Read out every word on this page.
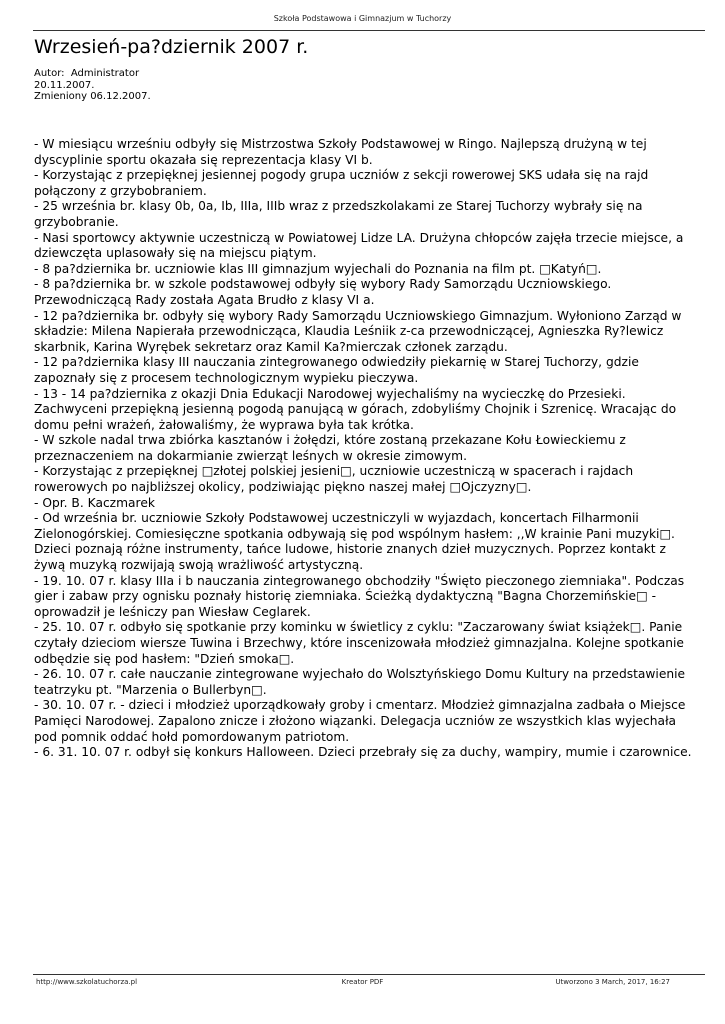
Szkoła Podstawowa i Gimnazjum w Tuchorzy
Wrzesień-pa?dziernik 2007 r.
Autor:  Administrator
20.11.2007.
Zmieniony 06.12.2007.

- W miesiącu wrześniu odbyły się Mistrzostwa Szkoły Podstawowej w Ringo. Najlepszą drużyną w tej dyscyplinie sportu okazała się reprezentacja klasy VI b.

- Korzystając z przepięknej jesiennej pogody grupa uczniów z sekcji rowerowej SKS udała się na rajd połączony z grzybobraniem.

- 25 września br. klasy 0b, 0a, Ib, IIIa, IIIb wraz z przedszkolakami ze Starej Tuchorzy wybrały się na grzybobranie.

- Nasi sportowcy aktywnie uczestniczą w Powiatowej Lidze LA. Drużyna chłopców zajęła trzecie miejsce, a dziewczęta uplasowały się na miejscu piątym.

- 8 pa?dziernika br. uczniowie klas III gimnazjum wyjechali do Poznania na film pt. □Katyń□.

- 8 pa?dziernika br. w szkole podstawowej odbyły się wybory Rady Samorządu Uczniowskiego. Przewodniczącą Rady została Agata Brudło z klasy VI a.

- 12 pa?dziernika br. odbyły się wybory Rady Samorządu Uczniowskiego Gimnazjum. Wyłoniono Zarząd w składzie: Milena Napierała przewodnicząca, Klaudia Leśniik z-ca przewodniczącej, Agnieszka Ry?lewicz skarbnik, Karina Wyrębek sekretarz oraz Kamil Ka?mierczak członek zarządu.

- 12 pa?dziernika klasy III nauczania zintegrowanego odwiedziły piekarnię w Starej Tuchorzy, gdzie zapoznały się z procesem technologicznym wypieku pieczywa.

- 13 - 14 pa?dziernika z okazji Dnia Edukacji Narodowej wyjechaliśmy na wycieczkę do Przesieki. Zachwyceni przepiękną jesienną pogodą panującą w górach, zdobyliśmy Chojnik i Szrenicę. Wracając do domu pełni wrażeń, żałowaliśmy, że wyprawa była tak krótka.

- W szkole nadal trwa zbiórka kasztanów i żołędzi, które zostaną przekazane Kołu Łowieckiemu z przeznaczeniem na dokarmianie zwierząt leśnych w okresie zimowym.

- Korzystając z przepięknej □złotej polskiej jesieni□, uczniowie uczestniczą w spacerach i rajdach rowerowych po najbliższej okolicy, podziwiając piękno naszej małej □Ojczyzny□.

- Opr. B. Kaczmarek

- Od września br. uczniowie Szkoły Podstawowej uczestniczyli w wyjazdach, koncertach Filharmonii Zielonogórskiej. Comiesięczne spotkania odbywają się pod wspólnym hasłem: ,,W krainie Pani muzyki□. Dzieci poznają różne instrumenty, tańce ludowe, historie znanych dzieł muzycznych. Poprzez kontakt z żywą muzyką rozwijają swoją wrażliwość artystyczną.

- 19. 10. 07 r. klasy IIIa i b nauczania zintegrowanego obchodziły "Święto pieczonego ziemniaka". Podczas gier i zabaw przy ognisku poznały historię ziemniaka. Ścieżką dydaktyczną "Bagna Chorzemińskie□ - oprowadził je leśniczy pan Wiesław Ceglarek.

- 25. 10. 07 r. odbyło się spotkanie przy kominku w świetlicy z cyklu: "Zaczarowany świat książek□. Panie czytały dzieciom wiersze Tuwina i Brzechwy, które inscenizowała młodzież gimnazjalna. Kolejne spotkanie odbędzie się pod hasłem: "Dzień smoka□.

- 26. 10. 07 r. całe nauczanie zintegrowane wyjechało do Wolsztyńskiego Domu Kultury na przedstawienie teatrzyku pt. "Marzenia o Bullerbyn□.

- 30. 10. 07 r. - dzieci i młodzież uporządkowały groby i cmentarz. Młodzież gimnazjalna zadbała o Miejsce Pamięci Narodowej. Zapalono znicze i złożono wiązanki. Delegacja uczniów ze wszystkich klas wyjechała pod pomnik oddać hołd pomordowanym patriotom.

- 6. 31. 10. 07 r. odbył się konkurs Halloween. Dzieci przebrały się za duchy, wampiry, mumie i czarownice.

http://www.szkolatuchorza.pl	Kreator PDF	Utworzono 3 March, 2017, 16:27
